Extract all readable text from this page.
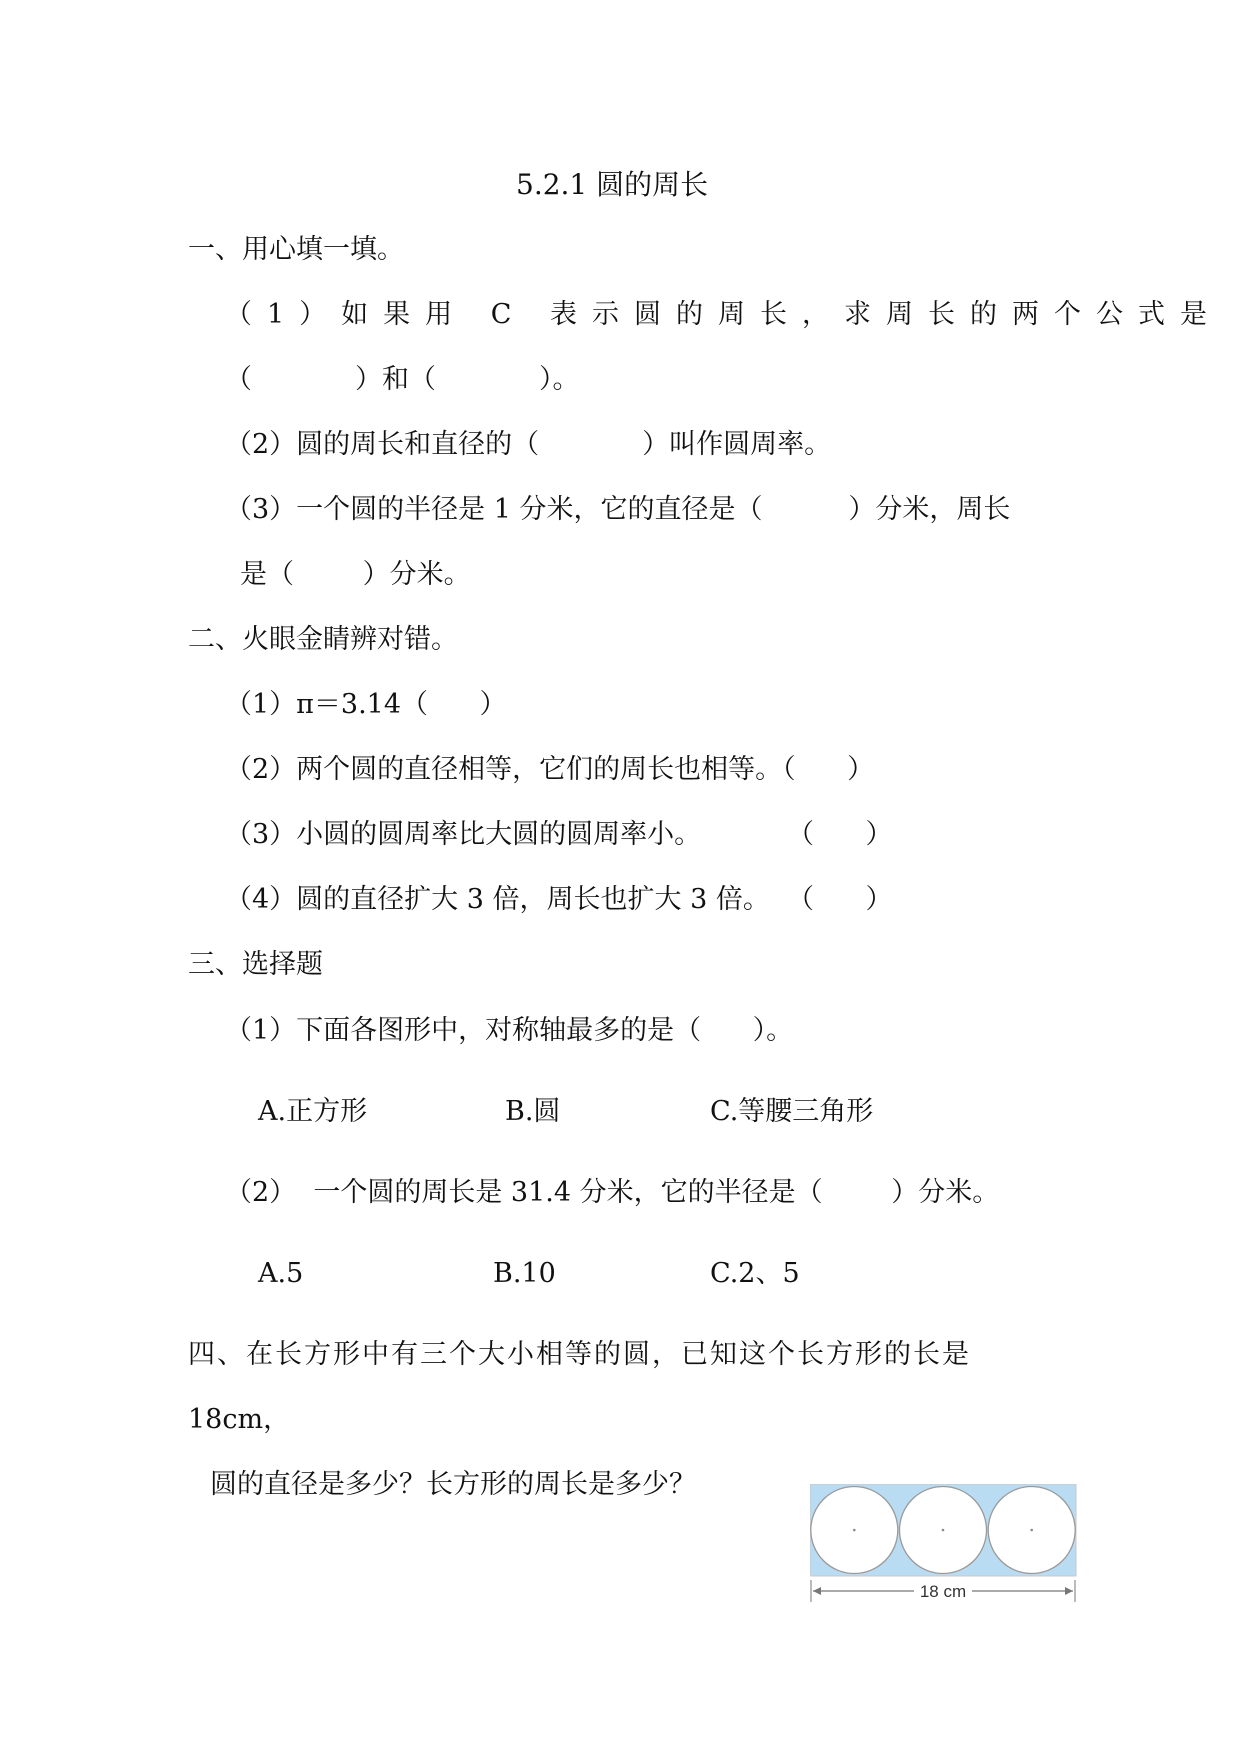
5.2.1 圆的周长
一、用心填一填。
（1）如果用 C 表示圆的周长，求周长的两个公式是
（            ）和（            ）。
（2）圆的周长和直径的（            ）叫作圆周率。
（3）一个圆的半径是 1 分米，它的直径是（          ）分米，周长
是（        ）分米。
二、火眼金睛辨对错。
（1）π＝3.14（      ）
（2）两个圆的直径相等，它们的周长也相等。（      ）
（3）小圆的圆周率比大圆的圆周率小。          （      ）
（4）圆的直径扩大 3 倍，周长也扩大 3 倍。  （      ）
三、选择题
（1）下面各图形中，对称轴最多的是（      ）。
A.正方形	B.圆	C.等腰三角形
（2）  一个圆的周长是 31.4 分米，它的半径是（        ）分米。
A.5	B.10	C.2、5
四、在长方形中有三个大小相等的圆，已知这个长方形的长是
18cm，
圆的直径是多少？长方形的周长是多少？
18 cm
